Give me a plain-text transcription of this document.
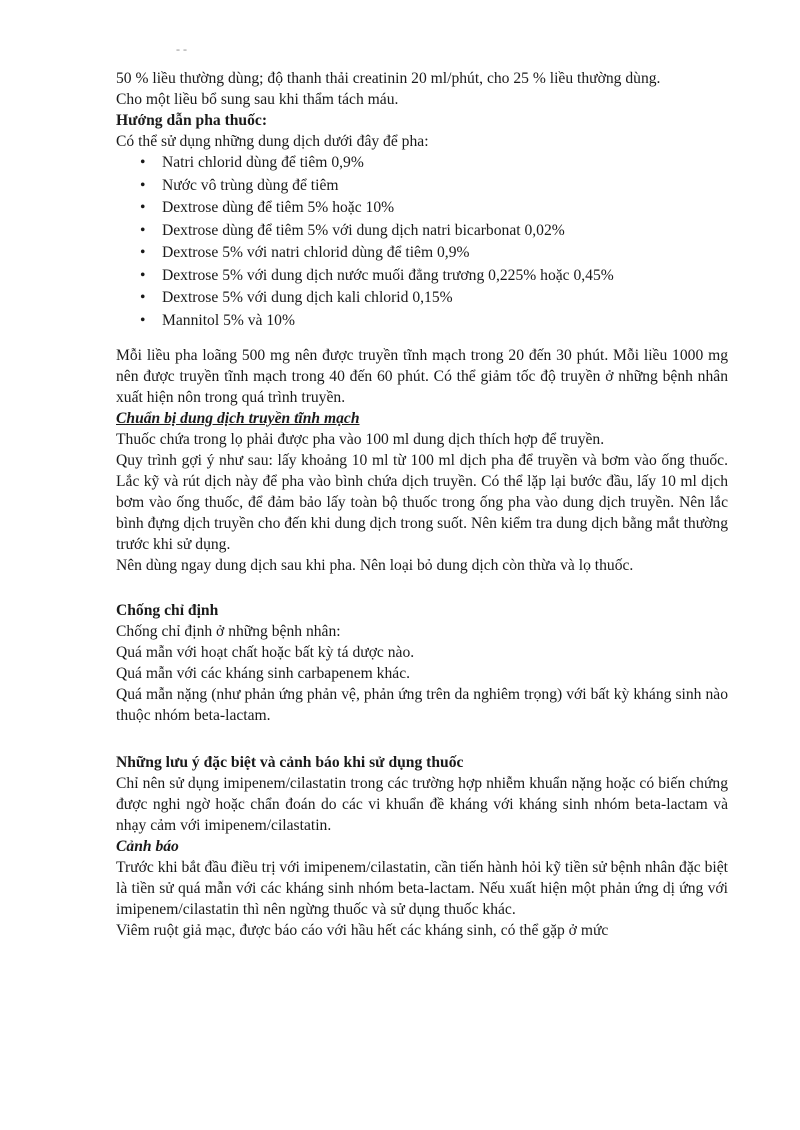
- -

50 % liều thường dùng; độ thanh thải creatinin 20 ml/phút, cho 25 % liều thường dùng.

Cho một liều bổ sung sau khi thẩm tách máu.

Hướng dẫn pha thuốc:

Có thể sử dụng những dung dịch dưới đây để pha:

• Natri chlorid dùng để tiêm 0,9%
• Nước vô trùng dùng để tiêm
• Dextrose dùng để tiêm 5% hoặc 10%
• Dextrose dùng để tiêm 5% với dung dịch natri bicarbonat 0,02%
• Dextrose 5% với natri chlorid dùng để tiêm 0,9%
• Dextrose 5% với dung dịch nước muối đẳng trương 0,225% hoặc 0,45%
• Dextrose 5% với dung dịch kali chlorid 0,15%
• Mannitol 5% và 10%

Mỗi liều pha loãng 500 mg nên được truyền tĩnh mạch trong 20 đến 30 phút. Mỗi liều 1000 mg nên được truyền tĩnh mạch trong 40 đến 60 phút. Có thể giảm tốc độ truyền ở những bệnh nhân xuất hiện nôn trong quá trình truyền.

Chuẩn bị dung dịch truyền tĩnh mạch

Thuốc chứa trong lọ phải được pha vào 100 ml dung dịch thích hợp để truyền.

Quy trình gợi ý như sau: lấy khoảng 10 ml từ 100 ml dịch pha để truyền và bơm vào ống thuốc. Lắc kỹ và rút dịch này để pha vào bình chứa dịch truyền. Có thể lặp lại bước đầu, lấy 10 ml dịch bơm vào ống thuốc, để đảm bảo lấy toàn bộ thuốc trong ống pha vào dung dịch truyền. Nên lắc bình đựng dịch truyền cho đến khi dung dịch trong suốt. Nên kiểm tra dung dịch bằng mắt thường trước khi sử dụng.

Nên dùng ngay dung dịch sau khi pha. Nên loại bỏ dung dịch còn thừa và lọ thuốc.

Chống chỉ định

Chống chỉ định ở những bệnh nhân:

Quá mẫn với hoạt chất hoặc bất kỳ tá dược nào.

Quá mẫn với các kháng sinh carbapenem khác.

Quá mẫn nặng (như phản ứng phản vệ, phản ứng trên da nghiêm trọng) với bất kỳ kháng sinh nào thuộc nhóm beta-lactam.

Những lưu ý đặc biệt và cảnh báo khi sử dụng thuốc

Chỉ nên sử dụng imipenem/cilastatin trong các trường hợp nhiễm khuẩn nặng hoặc có biến chứng được nghi ngờ hoặc chẩn đoán do các vi khuẩn đề kháng với kháng sinh nhóm beta-lactam và nhạy cảm với imipenem/cilastatin.

Cảnh báo

Trước khi bắt đầu điều trị với imipenem/cilastatin, cần tiến hành hỏi kỹ tiền sử bệnh nhân đặc biệt là tiền sử quá mẫn với các kháng sinh nhóm beta-lactam. Nếu xuất hiện một phản ứng dị ứng với imipenem/cilastatin thì nên ngừng thuốc và sử dụng thuốc khác.

Viêm ruột giả mạc, được báo cáo với hầu hết các kháng sinh, có thể gặp ở mức
